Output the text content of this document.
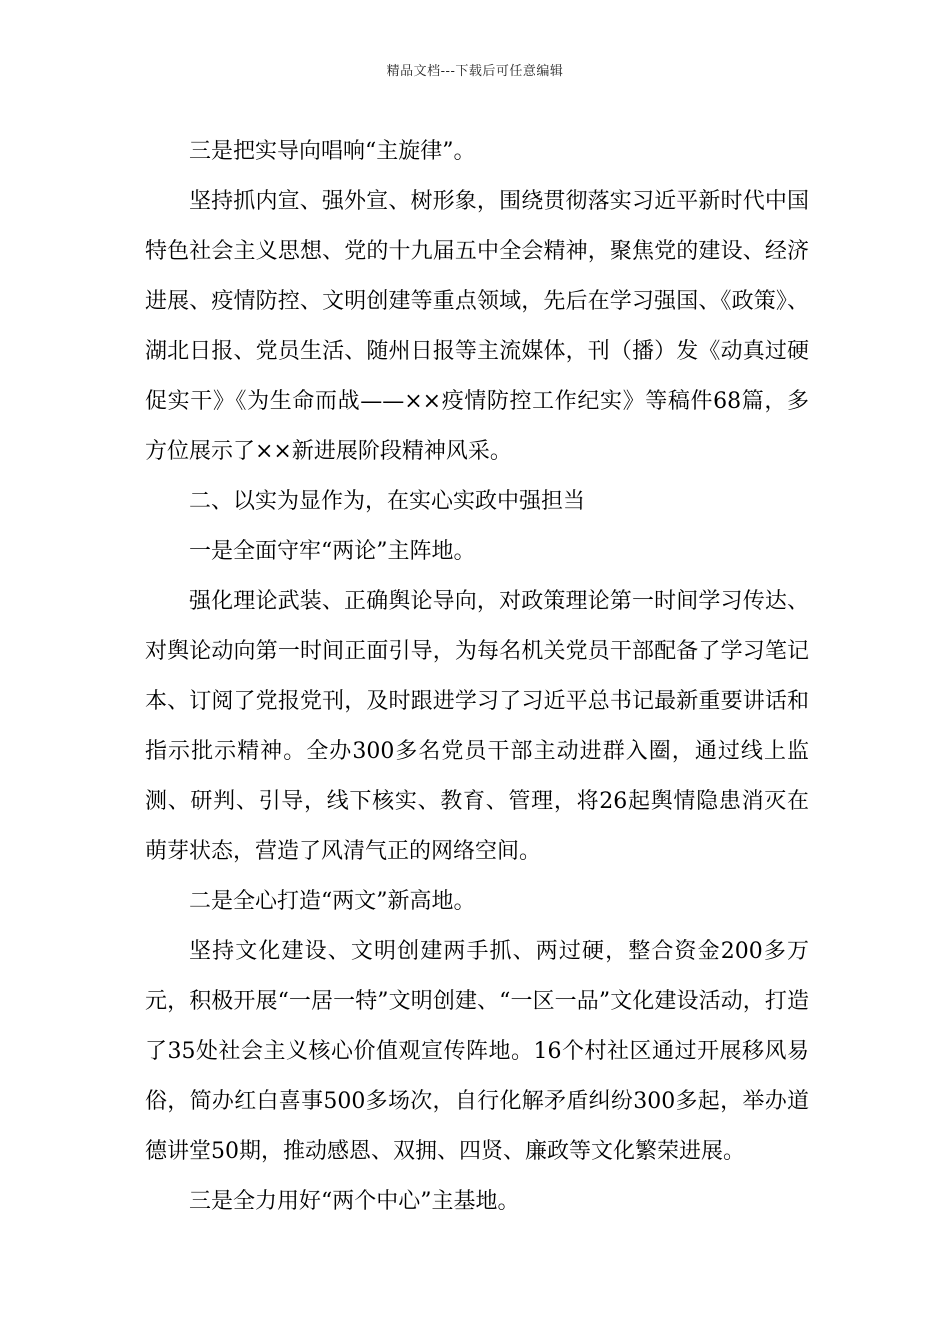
精品文档---下载后可任意编辑

三是把实导向唱响“主旋律”。

坚持抓内宣、强外宣、树形象，围绕贯彻落实习近平新时代中国特色社会主义思想、党的十九届五中全会精神，聚焦党的建设、经济进展、疫情防控、文明创建等重点领域，先后在学习强国、《政策》、湖北日报、党员生活、随州日报等主流媒体，刊（播）发《动真过硬促实干》《为生命而战——××疫情防控工作纪实》等稿件68篇，多方位展示了××新进展阶段精神风采。

二、以实为显作为，在实心实政中强担当

一是全面守牢“两论”主阵地。

强化理论武装、正确舆论导向，对政策理论第一时间学习传达、对舆论动向第一时间正面引导，为每名机关党员干部配备了学习笔记本、订阅了党报党刊，及时跟进学习了习近平总书记最新重要讲话和指示批示精神。全办300多名党员干部主动进群入圈，通过线上监测、研判、引导，线下核实、教育、管理，将26起舆情隐患消灭在萌芽状态，营造了风清气正的网络空间。

二是全心打造“两文”新高地。

坚持文化建设、文明创建两手抓、两过硬，整合资金200多万元，积极开展“一居一特”文明创建、“一区一品”文化建设活动，打造了35处社会主义核心价值观宣传阵地。16个村社区通过开展移风易俗，简办红白喜事500多场次，自行化解矛盾纠纷300多起，举办道德讲堂50期，推动感恩、双拥、四贤、廉政等文化繁荣进展。

三是全力用好“两个中心”主基地。
